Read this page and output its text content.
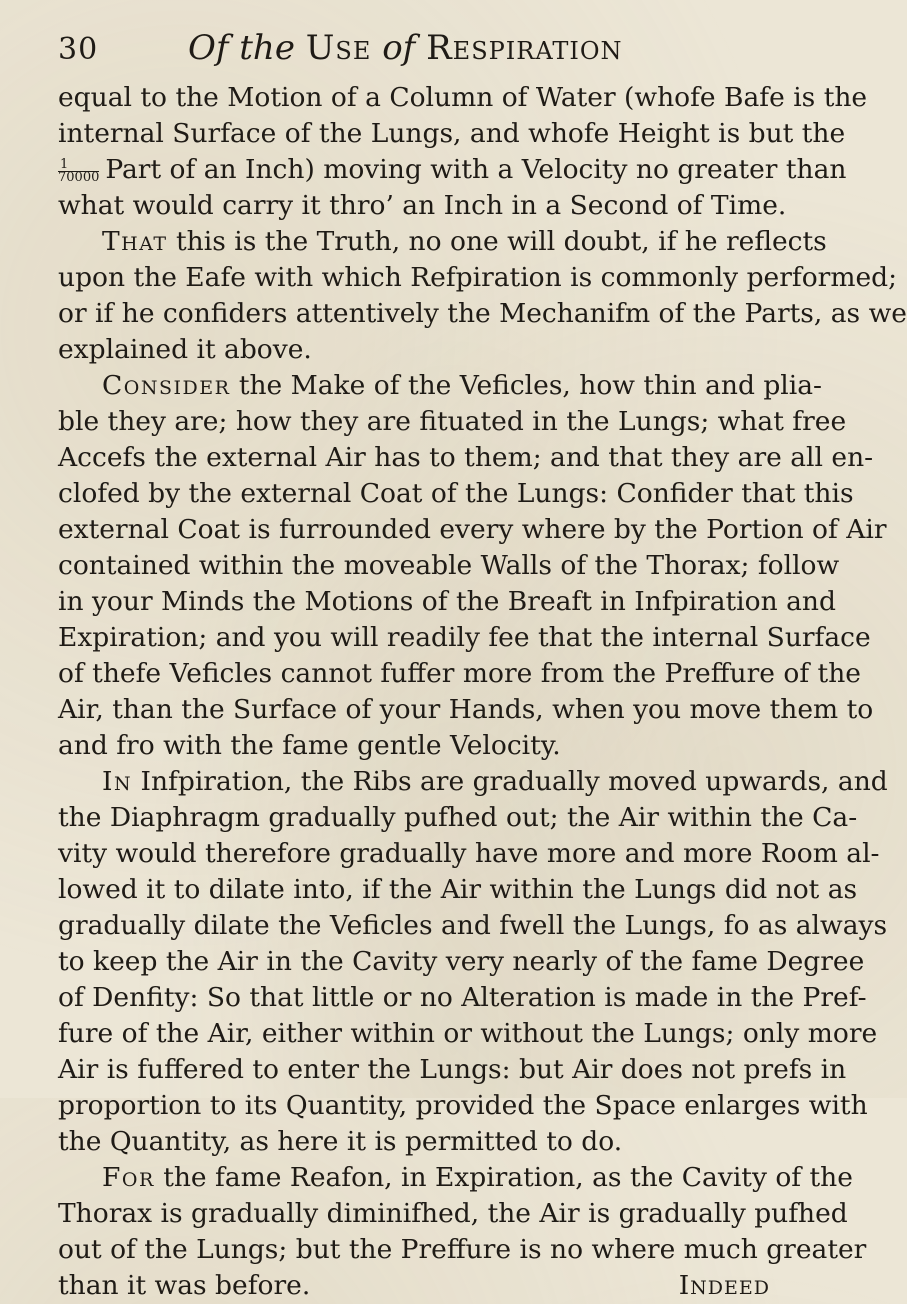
30	Of the Use of Respiration
equal to the Motion of a Column of Water (whofe Bafe is the
internal Surface of the Lungs, and whofe Height is but the
$\frac{1}{70000}$ Part of an Inch) moving with a Velocity no greater than
what would carry it thro’ an Inch in a Second of Time.
That this is the Truth, no one will doubt, if he reflects
upon the Eafe with which Refpiration is commonly performed;
or if he confiders attentively the Mechanifm of the Parts, as we
explained it above.
Consider the Make of the Veficles, how thin and plia-
ble they are; how they are fituated in the Lungs; what free
Accefs the external Air has to them; and that they are all en-
clofed by the external Coat of the Lungs: Confider that this
external Coat is furrounded every where by the Portion of Air
contained within the moveable Walls of the Thorax; follow
in your Minds the Motions of the Breaft in Infpiration and
Expiration; and you will readily fee that the internal Surface
of thefe Veficles cannot fuffer more from the Preffure of the
Air, than the Surface of your Hands, when you move them to
and fro with the fame gentle Velocity.
In Infpiration, the Ribs are gradually moved upwards, and
the Diaphragm gradually pufhed out; the Air within the Ca-
vity would therefore gradually have more and more Room al-
lowed it to dilate into, if the Air within the Lungs did not as
gradually dilate the Veficles and fwell the Lungs, fo as always
to keep the Air in the Cavity very nearly of the fame Degree
of Denfity: So that little or no Alteration is made in the Pref-
fure of the Air, either within or without the Lungs; only more
Air is fuffered to enter the Lungs: but Air does not prefs in
proportion to its Quantity, provided the Space enlarges with
the Quantity, as here it is permitted to do.
For the fame Reafon, in Expiration, as the Cavity of the
Thorax is gradually diminifhed, the Air is gradually pufhed
out of the Lungs; but the Preffure is no where much greater
than it was before.	Indeed
